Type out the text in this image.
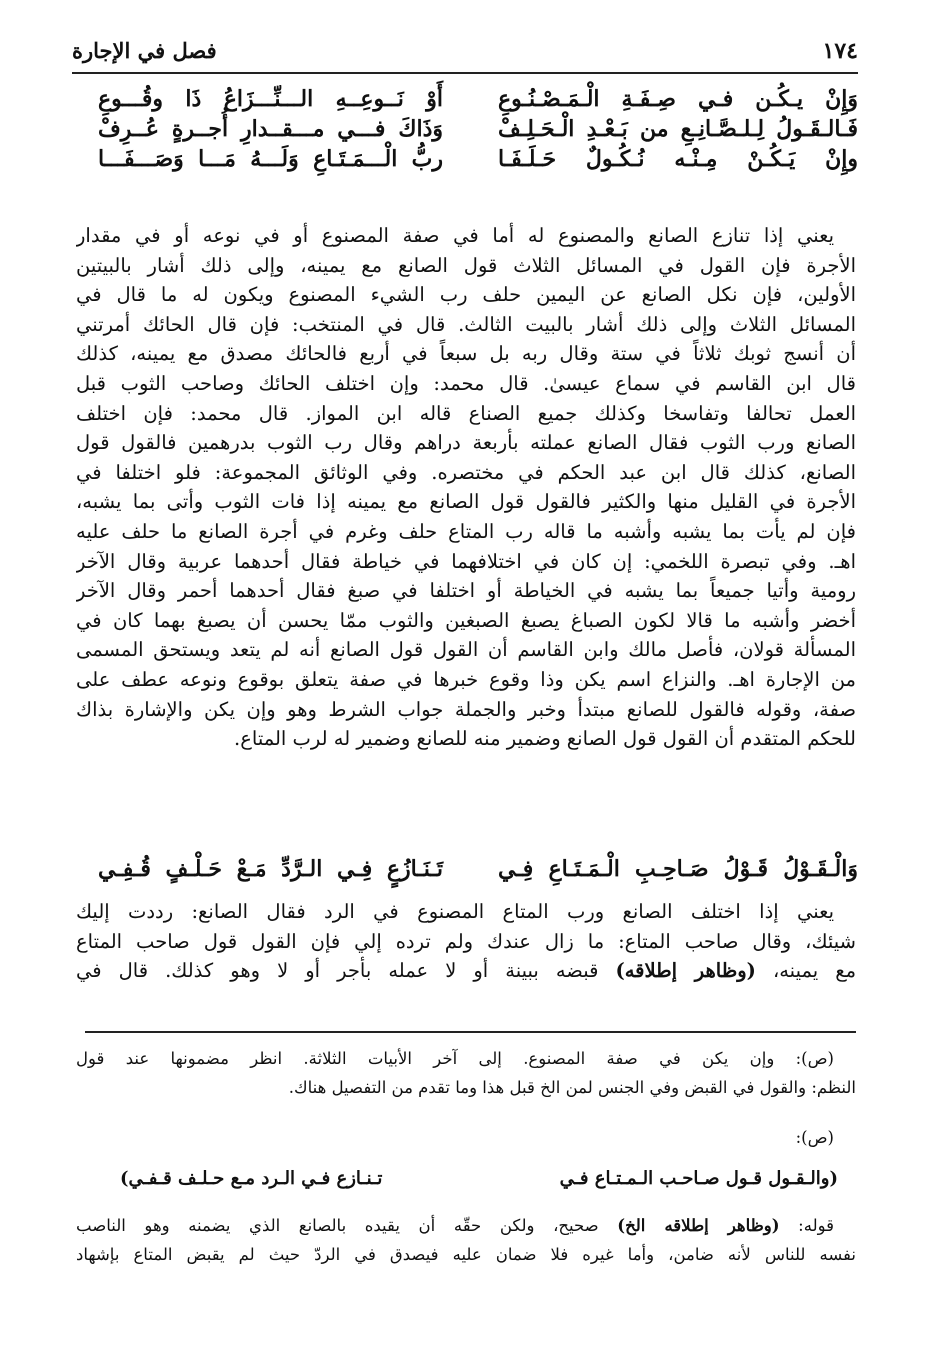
١٧٤
فصل في الإجارة
وَإِنْ يـكُـن فـي صِـفَـةِ الْـمَـصْـنُـوعِ
أَوْ نَــوعِــهِ الـــنِّـــزَاعُ ذَا وقُـــوعِ
فَـالـقَـولُ لِـلـصَّـانِـعِ من بَـعْـدِ الْـحَـلِـفْ
وَذَاكَ فـــي مـــقــدارِ أُجــرةٍ عُــرِفْ
وإِنْ يَـكُـنْ مِـنْـه نُـكُـولٌ حَـلَـفَـا
ربُّ الْـــمَـتَـاعِ وَلَـــهُ مَـــا وَصَـــفَـــا
يعني إذا تنازع الصانع والمصنوع له أما في صفة المصنوع أو في نوعه أو في مقدار
الأجرة فإن القول في المسائل الثلاث قول الصانع مع يمينه، وإلى ذلك أشار بالبيتين
الأولين، فإن نكل الصانع عن اليمين حلف رب الشيء المصنوع ويكون له ما قال في
المسائل الثلاث وإلى ذلك أشار بالبيت الثالث. قال في المنتخب: فإن قال الحائك أمرتني
أن أنسج ثوبك ثلاثاً في ستة وقال ربه بل سبعاً في أربع فالحائك مصدق مع يمينه، كذلك
قال ابن القاسم في سماع عيسىٰ. قال محمد: وإن اختلف الحائك وصاحب الثوب قبل
العمل تحالفا وتفاسخا وكذلك جميع الصناع قاله ابن المواز. قال محمد: فإن اختلف
الصانع ورب الثوب فقال الصانع عملته بأربعة دراهم وقال رب الثوب بدرهمين فالقول قول
الصانع، كذلك قال ابن عبد الحكم في مختصره. وفي الوثائق المجموعة: فلو اختلفا في
الأجرة في القليل منها والكثير فالقول قول الصانع مع يمينه إذا فات الثوب وأتى بما يشبه،
فإن لم يأت بما يشبه وأشبه ما قاله رب المتاع حلف وغرم في أجرة الصانع ما حلف عليه
اهـ. وفي تبصرة اللخمي: إن كان في اختلافهما في خياطة فقال أحدهما عربية وقال الآخر
رومية وأتيا جميعاً بما يشبه في الخياطة أو اختلفا في صبغ فقال أحدهما أحمر وقال الآخر
أخضر وأشبه ما قالا لكون الصباغ يصبغ الصبغين والثوب ممّا يحسن أن يصبغ بهما كان في
المسألة قولان، فأصل مالك وابن القاسم أن القول قول الصانع أنه لم يتعد ويستحق المسمى
من الإجارة اهـ. والنزاع اسم يكن وذا وقوع خبرها في صفة يتعلق بوقوع ونوعه عطف على
صفة، وقوله فالقول للصانع مبتدأ وخبر والجملة جواب الشرط وهو وإن يكن والإشارة بذاك
للحكم المتقدم أن القول قول الصانع وضمير منه للصانع وضمير له لرب المتاع.
وَالْـقَـوْلُ قَـوْلُ صَـاحِـبِ الْـمَـتَـاعِ فِـي
تَـنَـازُعٍ فِـي الـرَّدِّ مَـعْ حَـلْـفٍ قُـفِـي
يعني إذا اختلف الصانع ورب المتاع المصنوع في الرد فقال الصانع: رددت إليك
شيئك، وقال صاحب المتاع: ما زال عندك ولم ترده إلي فإن القول قول صاحب المتاع
مع يمينه، (وظاهر إطلاقه) قبضه ببينة أو لا عمله بأجر أو لا وهو كذلك. قال في
(ص): وإن يكن في صفة المصنوع. إلى آخر الأبيات الثلاثة. انظر مضمونها عند قول
النظم: والقول في القبض وفي الجنس لمن الخ قبل هذا وما تقدم من التفصيل هناك.
(ص):
(والـقـول قـول صـاحـب الـمـتـاع فـي
تـنـازع فـي الـرد مـع حـلـف قـفـي)
قوله: (وظاهر إطلاقه الخ) صحيح، ولكن حقّه أن يقيده بالصانع الذي يضمنه وهو الناصب
نفسه للناس لأنه ضامن، وأما غيره فلا ضمان عليه فيصدق في الردّ حيث لم يقبض المتاع بإشهاد
